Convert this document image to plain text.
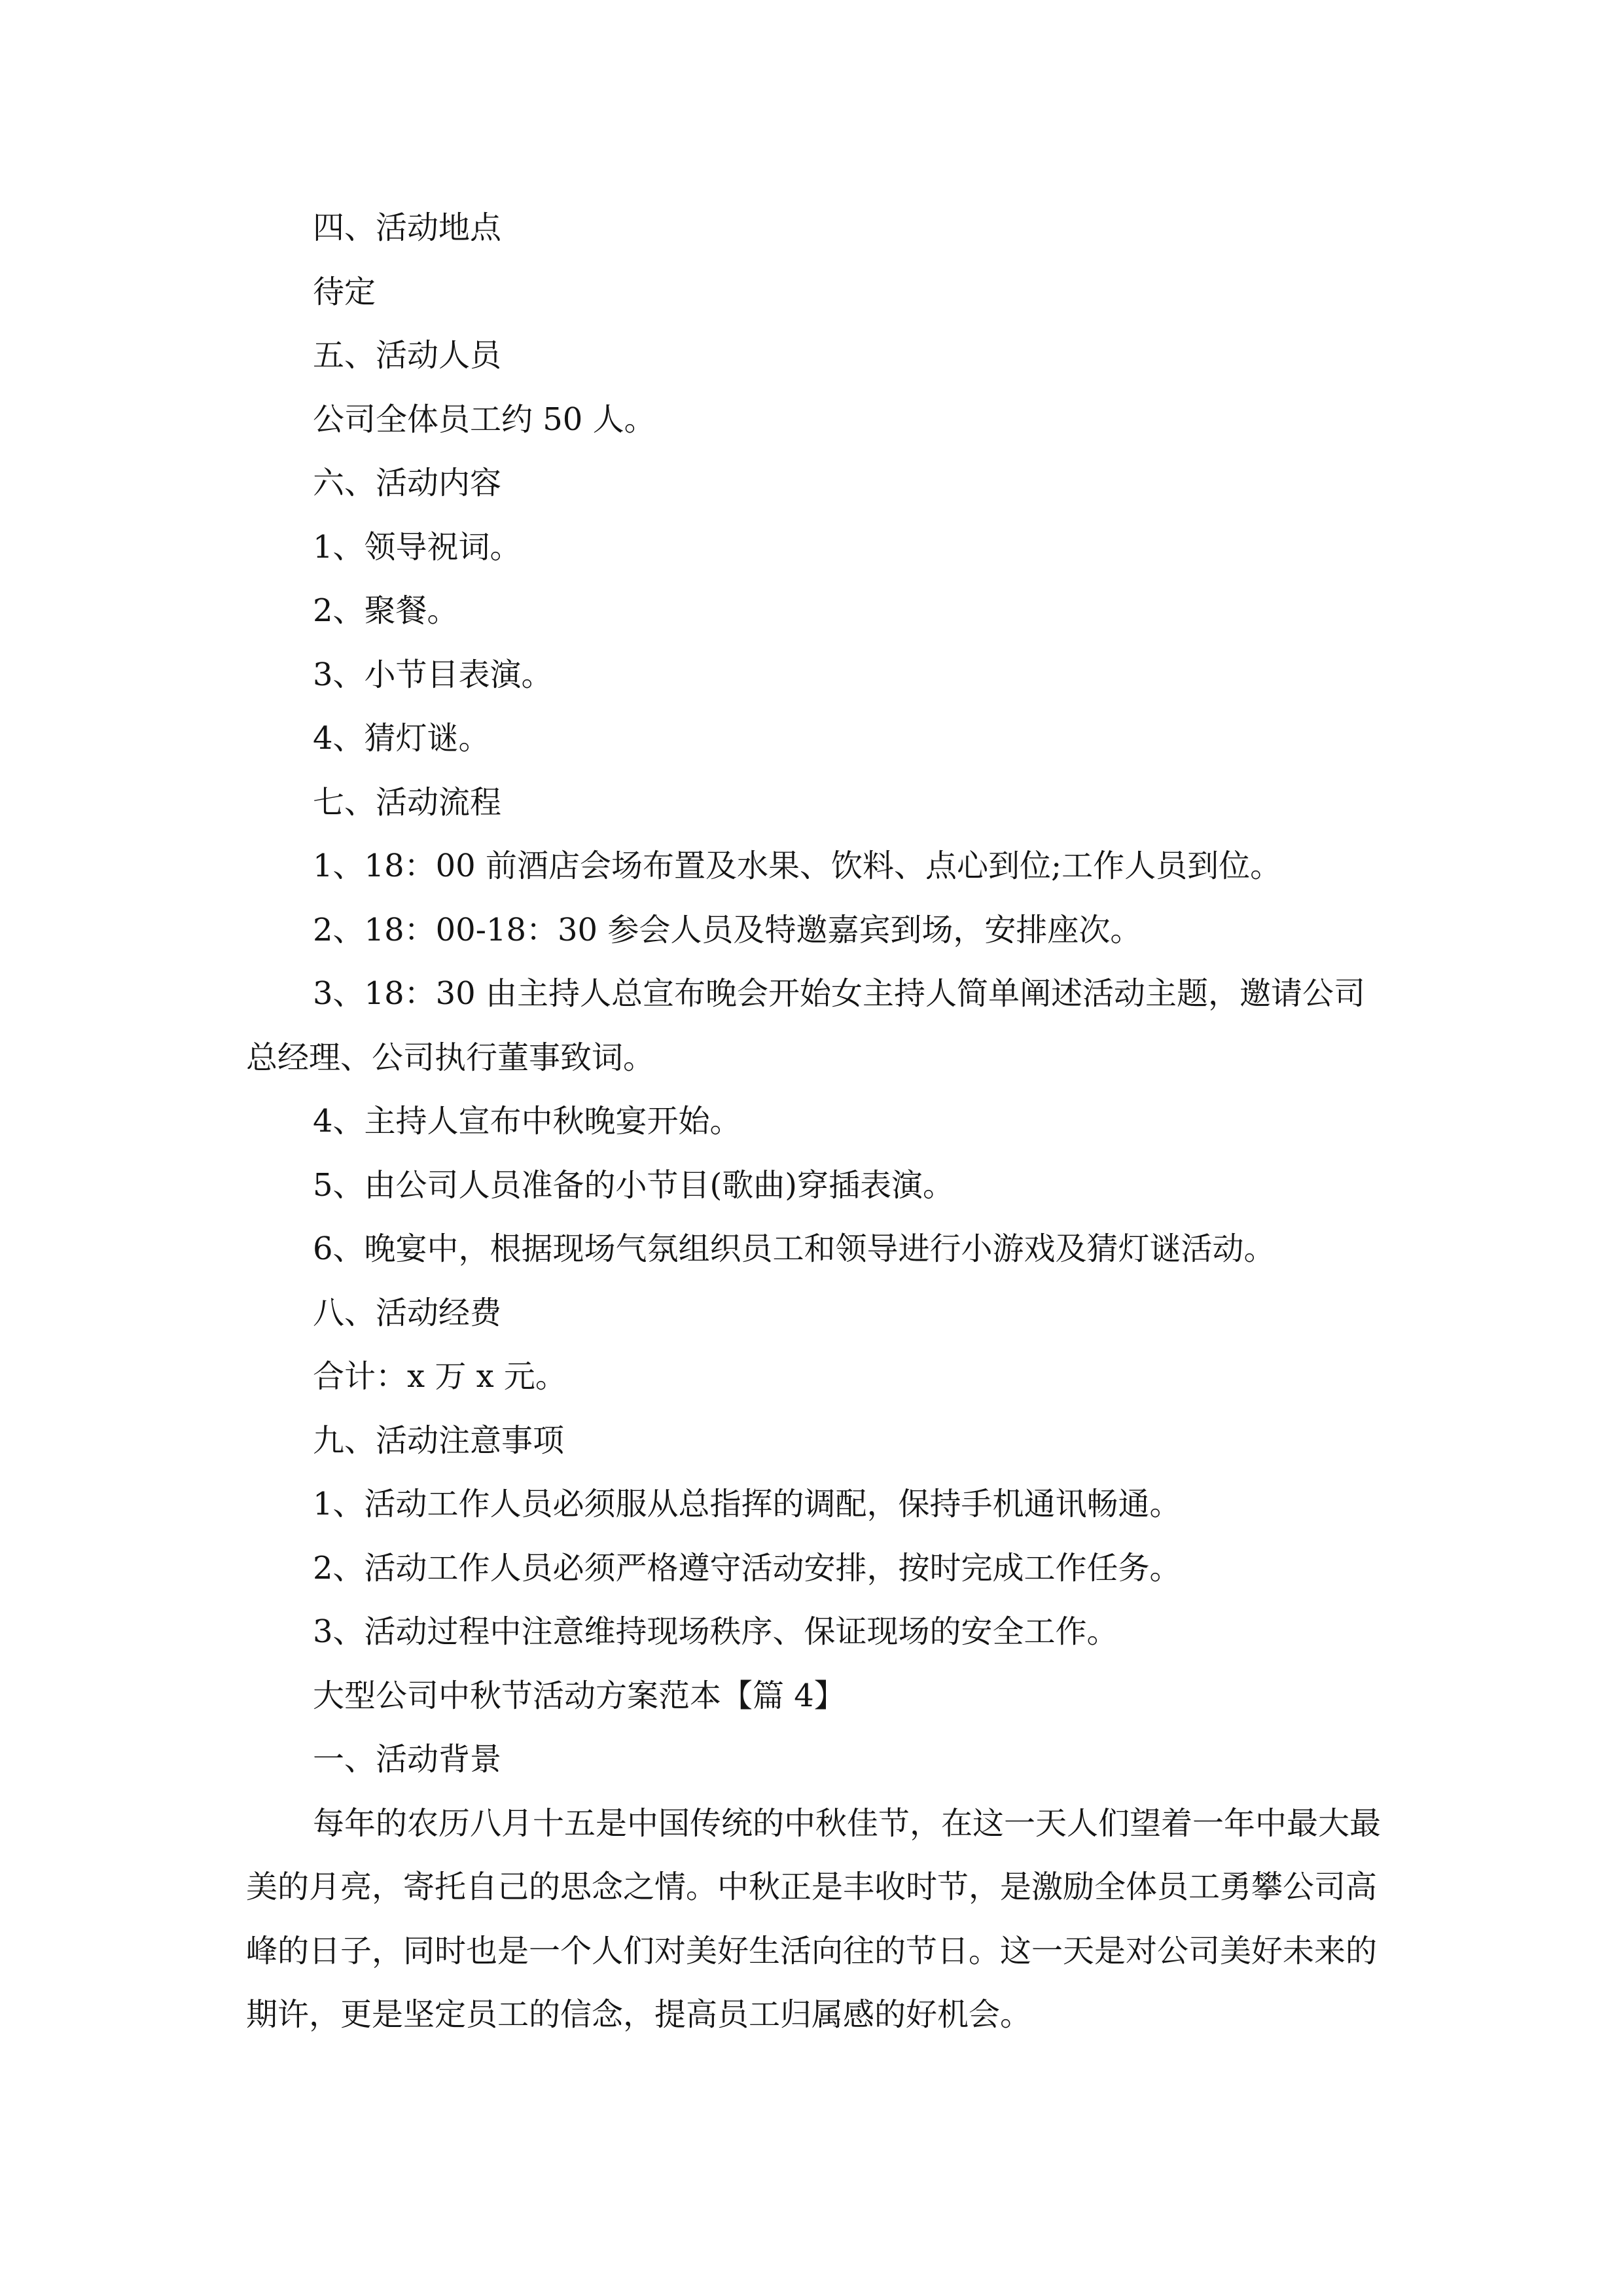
四、活动地点

待定

五、活动人员

公司全体员工约 50 人。

六、活动内容

1、领导祝词。

2、聚餐。

3、小节目表演。

4、猜灯谜。

七、活动流程

1、18：00 前酒店会场布置及水果、饮料、点心到位;工作人员到位。

2、18：00-18：30 参会人员及特邀嘉宾到场，安排座次。

3、18：30 由主持人总宣布晚会开始女主持人简单阐述活动主题，邀请公司总经理、公司执行董事致词。

4、主持人宣布中秋晚宴开始。

5、由公司人员准备的小节目(歌曲)穿插表演。

6、晚宴中，根据现场气氛组织员工和领导进行小游戏及猜灯谜活动。

八、活动经费

合计：x 万 x 元。

九、活动注意事项

1、活动工作人员必须服从总指挥的调配，保持手机通讯畅通。

2、活动工作人员必须严格遵守活动安排，按时完成工作任务。

3、活动过程中注意维持现场秩序、保证现场的安全工作。

大型公司中秋节活动方案范本【篇 4】

一、活动背景

每年的农历八月十五是中国传统的中秋佳节，在这一天人们望着一年中最大最美的月亮，寄托自己的思念之情。中秋正是丰收时节，是激励全体员工勇攀公司高峰的日子，同时也是一个人们对美好生活向往的节日。这一天是对公司美好未来的期许，更是坚定员工的信念，提高员工归属感的好机会。
